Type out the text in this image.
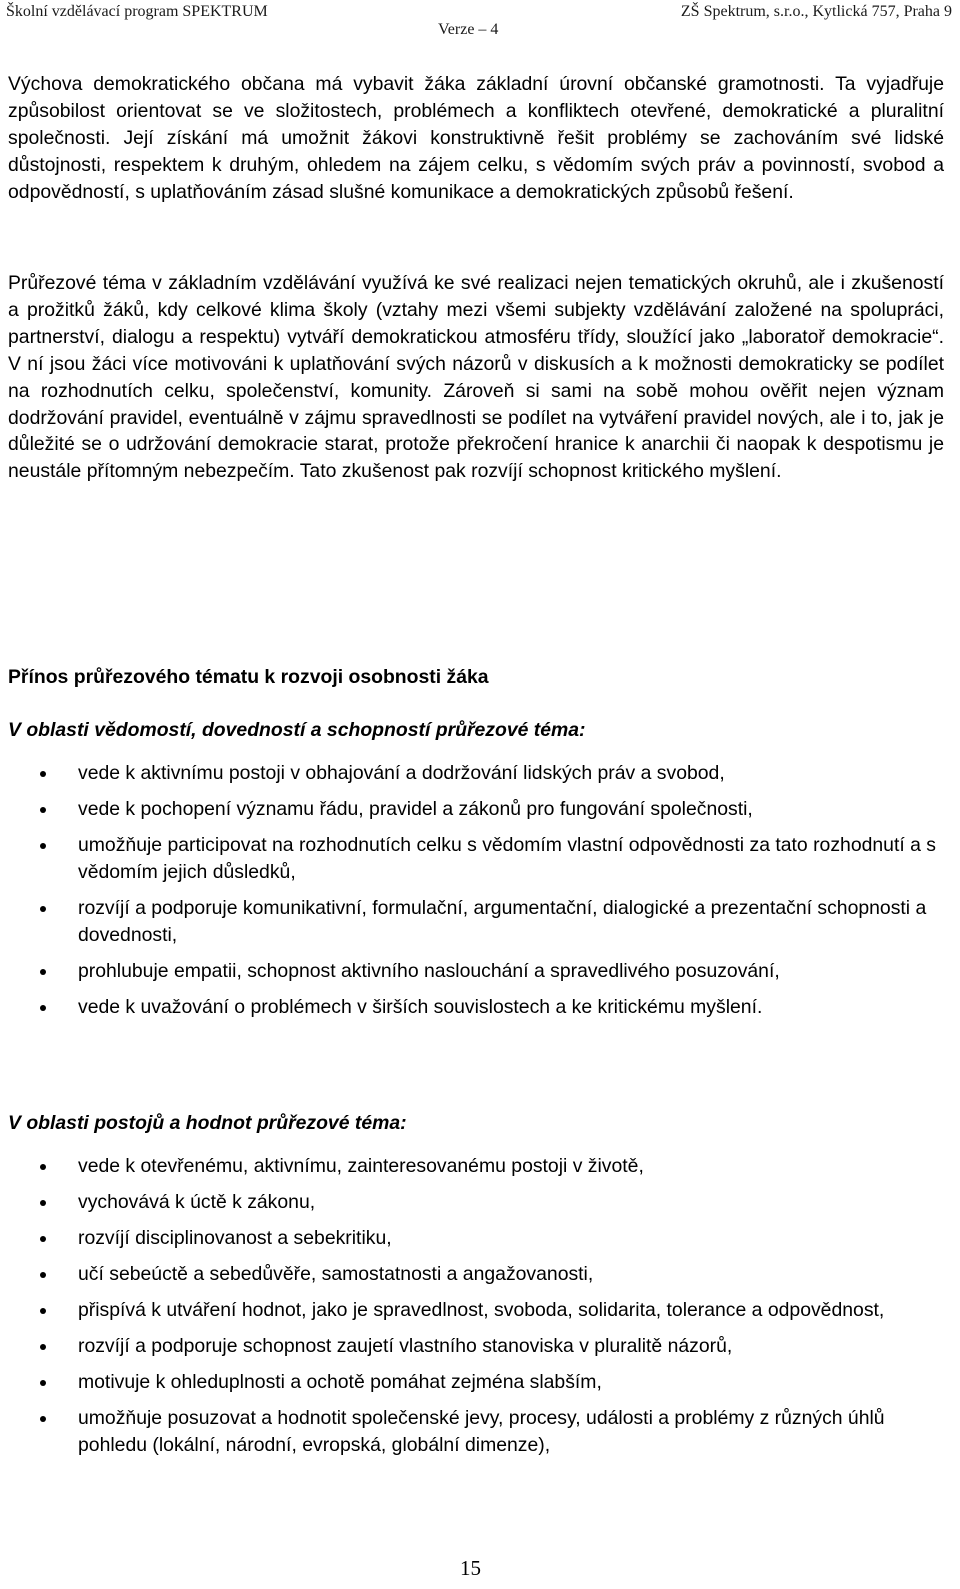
Školní vzdělávací program SPEKTRUM	ZŠ Spektrum, s.r.o., Kytlická 757, Praha 9
Verze – 4

Výchova demokratického občana má vybavit žáka základní úrovní občanské gramotnosti. Ta vyjadřuje způsobilost orientovat se ve složitostech, problémech a konfliktech otevřené, demokratické a pluralitní společnosti. Její získání má umožnit žákovi konstruktivně řešit problémy se zachováním své lidské důstojnosti, respektem k druhým, ohledem na zájem celku, s vědomím svých práv a povinností, svobod a odpovědností, s uplatňováním zásad slušné komunikace a demokratických způsobů řešení.

Průřezové téma v základním vzdělávání využívá ke své realizaci nejen tematických okruhů, ale i zkušeností a prožitků žáků, kdy celkové klima školy (vztahy mezi všemi subjekty vzdělávání založené na spolupráci, partnerství, dialogu a respektu) vytváří demokratickou atmosféru třídy, sloužící jako „laboratoř demokracie“. V ní jsou žáci více motivováni k uplatňování svých názorů v diskusích a k možnosti demokraticky se podílet na rozhodnutích celku, společenství, komunity. Zároveň si sami na sobě mohou ověřit nejen význam dodržování pravidel, eventuálně v zájmu spravedlnosti se podílet na vytváření pravidel nových, ale i to, jak je důležité se o udržování demokracie starat, protože překročení hranice k anarchii či naopak k despotismu je neustále přítomným nebezpečím. Tato zkušenost pak rozvíjí schopnost kritického myšlení.

Přínos průřezového tématu k rozvoji osobnosti žáka
V oblasti vědomostí, dovedností a schopností průřezové téma:
vede k aktivnímu postoji v obhajování a dodržování lidských práv a svobod,
vede k pochopení významu řádu, pravidel a zákonů pro fungování společnosti,
umožňuje participovat na rozhodnutích celku s vědomím vlastní odpovědnosti za tato rozhodnutí a s vědomím jejich důsledků,
rozvíjí a podporuje komunikativní, formulační, argumentační, dialogické a prezentační schopnosti a dovednosti,
prohlubuje empatii, schopnost aktivního naslouchání a spravedlivého posuzování,
vede k uvažování o problémech v širších souvislostech a ke kritickému myšlení.
V oblasti postojů a hodnot průřezové téma:
vede k otevřenému, aktivnímu, zainteresovanému postoji v životě,
vychovává k úctě k zákonu,
rozvíjí disciplinovanost a sebekritiku,
učí sebeúctě a sebedůvěře, samostatnosti a angažovanosti,
přispívá k utváření hodnot, jako je spravedlnost, svoboda, solidarita, tolerance a odpovědnost,
rozvíjí a podporuje schopnost zaujetí vlastního stanoviska v pluralitě názorů,
motivuje k ohleduplnosti a ochotě pomáhat zejména slabším,
umožňuje posuzovat a hodnotit společenské jevy, procesy, události a problémy z různých úhlů pohledu (lokální, národní, evropská, globální dimenze),
15
